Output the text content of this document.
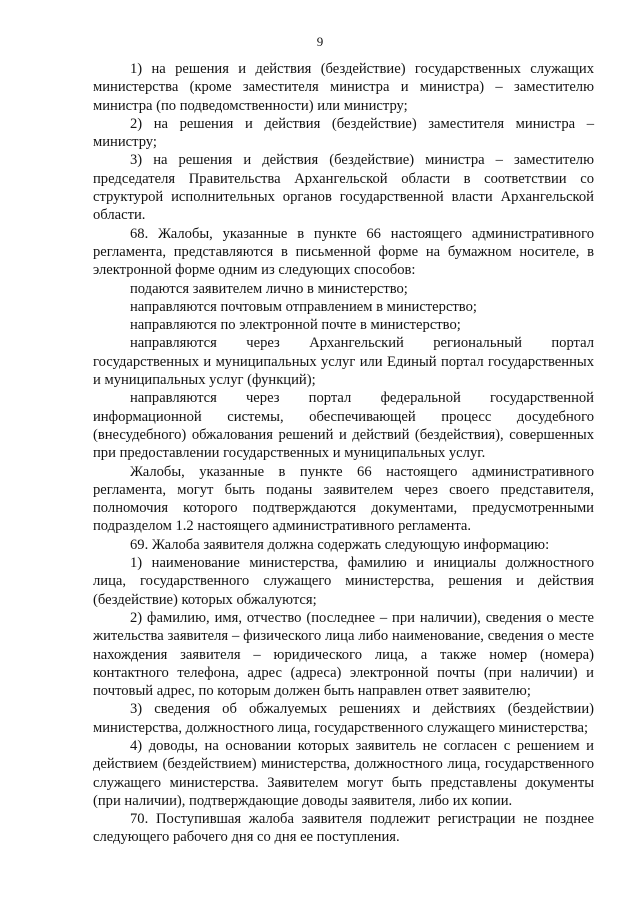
9

1) на решения и действия (бездействие) государственных служащих министерства (кроме заместителя министра и министра) – заместителю министра (по подведомственности) или министру;

2) на решения и действия (бездействие) заместителя министра – министру;

3) на решения и действия (бездействие) министра – заместителю председателя Правительства Архангельской области в соответствии со структурой исполнительных органов государственной власти Архангельской области.

68. Жалобы, указанные в пункте 66 настоящего административного регламента, представляются в письменной форме на бумажном носителе, в электронной форме одним из следующих способов:

подаются заявителем лично в министерство;

направляются почтовым отправлением в министерство;

направляются по электронной почте в министерство;

направляются через Архангельский региональный портал государственных и муниципальных услуг или Единый портал государственных и муниципальных услуг (функций);

направляются через портал федеральной государственной информационной системы, обеспечивающей процесс досудебного (внесудебного) обжалования решений и действий (бездействия), совершенных при предоставлении государственных и муниципальных услуг.

Жалобы, указанные в пункте 66 настоящего административного регламента, могут быть поданы заявителем через своего представителя, полномочия которого подтверждаются документами, предусмотренными подразделом 1.2 настоящего административного регламента.

69. Жалоба заявителя должна содержать следующую информацию:

1) наименование министерства, фамилию и инициалы должностного лица, государственного служащего министерства, решения и действия (бездействие) которых обжалуются;

2) фамилию, имя, отчество (последнее – при наличии), сведения о месте жительства заявителя – физического лица либо наименование, сведения о месте нахождения заявителя – юридического лица, а также номер (номера) контактного телефона, адрес (адреса) электронной почты (при наличии) и почтовый адрес, по которым должен быть направлен ответ заявителю;

3) сведения об обжалуемых решениях и действиях (бездействии) министерства, должностного лица, государственного служащего министерства;

4) доводы, на основании которых заявитель не согласен с решением и действием (бездействием) министерства, должностного лица, государственного служащего министерства. Заявителем могут быть представлены документы (при наличии), подтверждающие доводы заявителя, либо их копии.

70. Поступившая жалоба заявителя подлежит регистрации не позднее следующего рабочего дня со дня ее поступления.
